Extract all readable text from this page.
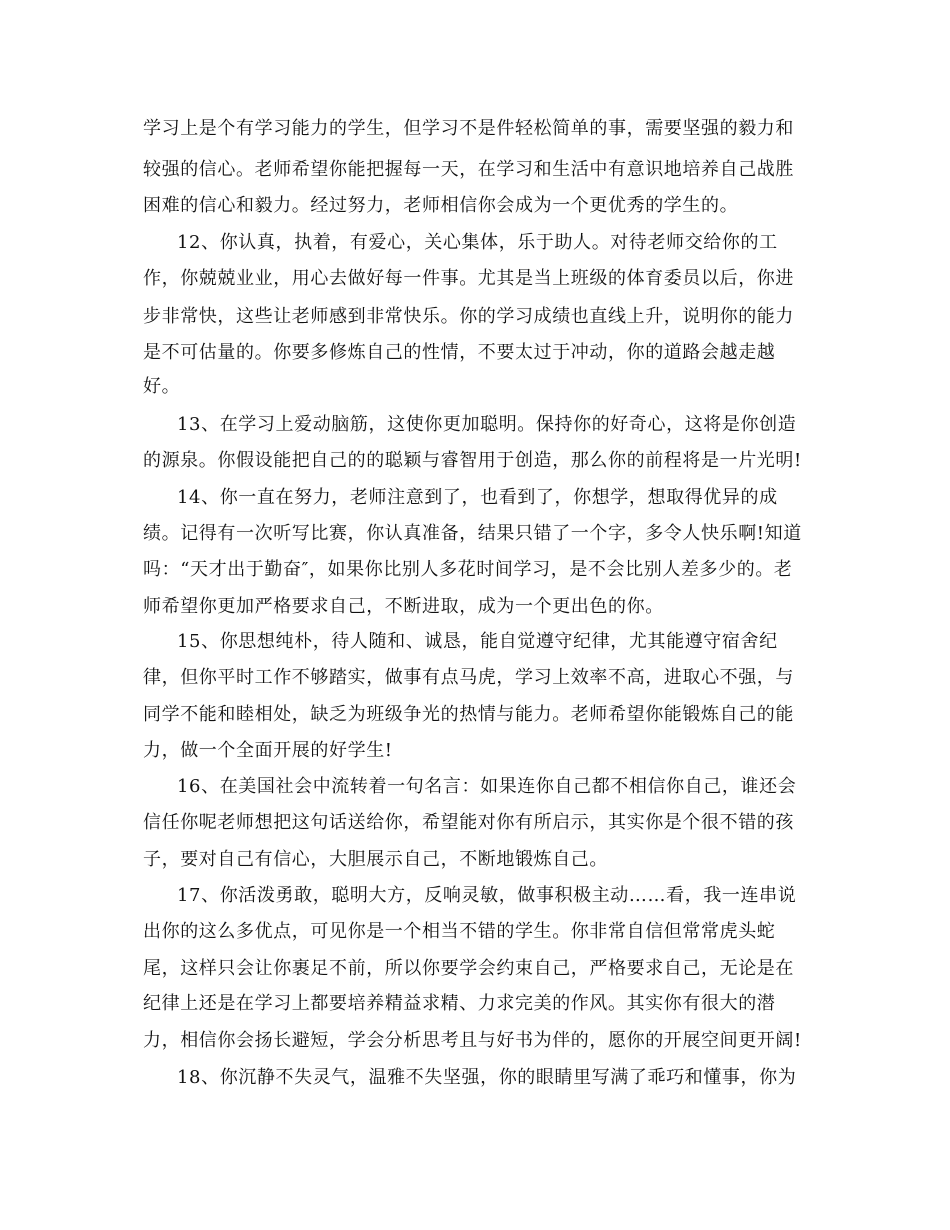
学习上是个有学习能力的学生，但学习不是件轻松简单的事，需要坚强的毅力和
较强的信心。老师希望你能把握每一天，在学习和生活中有意识地培养自己战胜
困难的信心和毅力。经过努力，老师相信你会成为一个更优秀的学生的。
12、你认真，执着，有爱心，关心集体，乐于助人。对待老师交给你的工
作，你兢兢业业，用心去做好每一件事。尤其是当上班级的体育委员以后，你进
步非常快，这些让老师感到非常快乐。你的学习成绩也直线上升，说明你的能力
是不可估量的。你要多修炼自己的性情，不要太过于冲动，你的道路会越走越
好。
13、在学习上爱动脑筋，这使你更加聪明。保持你的好奇心，这将是你创造
的源泉。你假设能把自己的的聪颖与睿智用于创造，那么你的前程将是一片光明!
14、你一直在努力，老师注意到了，也看到了，你想学，想取得优异的成
绩。记得有一次听写比赛，你认真准备，结果只错了一个字，多令人快乐啊!知道
吗：“天才出于勤奋″，如果你比别人多花时间学习，是不会比别人差多少的。老
师希望你更加严格要求自己，不断进取，成为一个更出色的你。
15、你思想纯朴，待人随和、诚恳，能自觉遵守纪律，尤其能遵守宿舍纪
律，但你平时工作不够踏实，做事有点马虎，学习上效率不高，进取心不强，与
同学不能和睦相处，缺乏为班级争光的热情与能力。老师希望你能锻炼自己的能
力，做一个全面开展的好学生!
16、在美国社会中流转着一句名言：如果连你自己都不相信你自己，谁还会
信任你呢老师想把这句话送给你，希望能对你有所启示，其实你是个很不错的孩
子，要对自己有信心，大胆展示自己，不断地锻炼自己。
17、你活泼勇敢，聪明大方，反响灵敏，做事积极主动……看，我一连串说
出你的这么多优点，可见你是一个相当不错的学生。你非常自信但常常虎头蛇
尾，这样只会让你裹足不前，所以你要学会约束自己，严格要求自己，无论是在
纪律上还是在学习上都要培养精益求精、力求完美的作风。其实你有很大的潜
力，相信你会扬长避短，学会分析思考且与好书为伴的，愿你的开展空间更开阔!
18、你沉静不失灵气，温雅不失坚强，你的眼睛里写满了乖巧和懂事，你为
